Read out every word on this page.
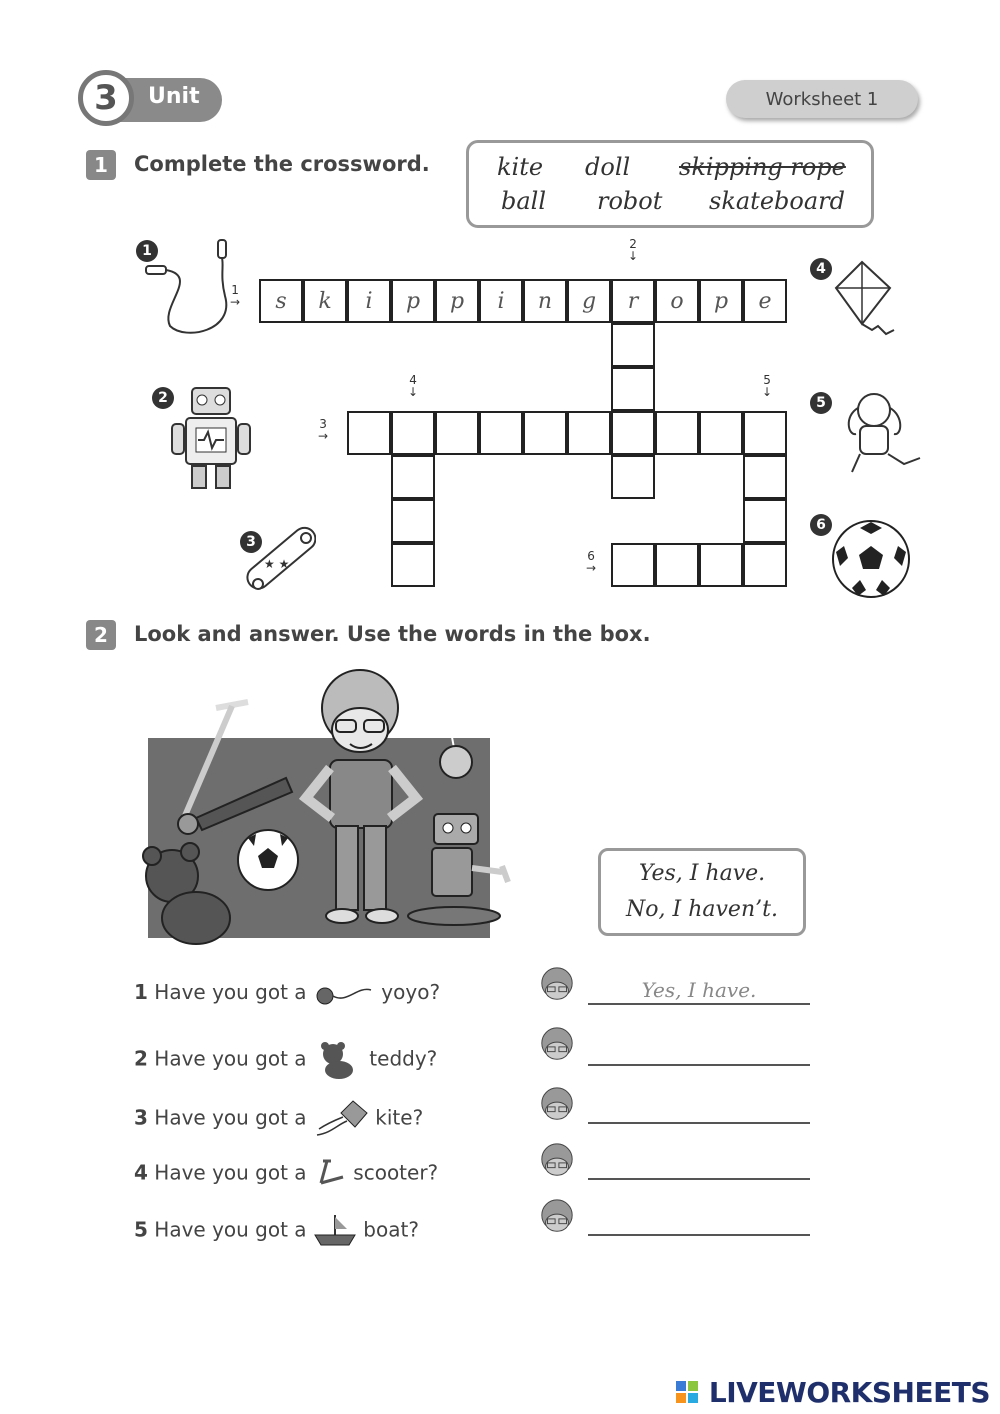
3	Unit	Worksheet 1
1	Complete the crossword.	kite doll skipping rope
ball robot skateboard
s	k	i	p	p	i	n	g	r	o	p	e
1
→
2
↓
3
→
4
↓
5
↓
6
→
1
2
3
4
5
6
★ ★
2	Look and answer. Use the words in the box.
Yes, I have.
No, I haven’t.
1 Have you got a	yoyo?
2 Have you got a	teddy?
3 Have you got a	kite?
4 Have you got a scooter?
5 Have you got a	boat?
Yes, I have.
LIVEWORKSHEETS
